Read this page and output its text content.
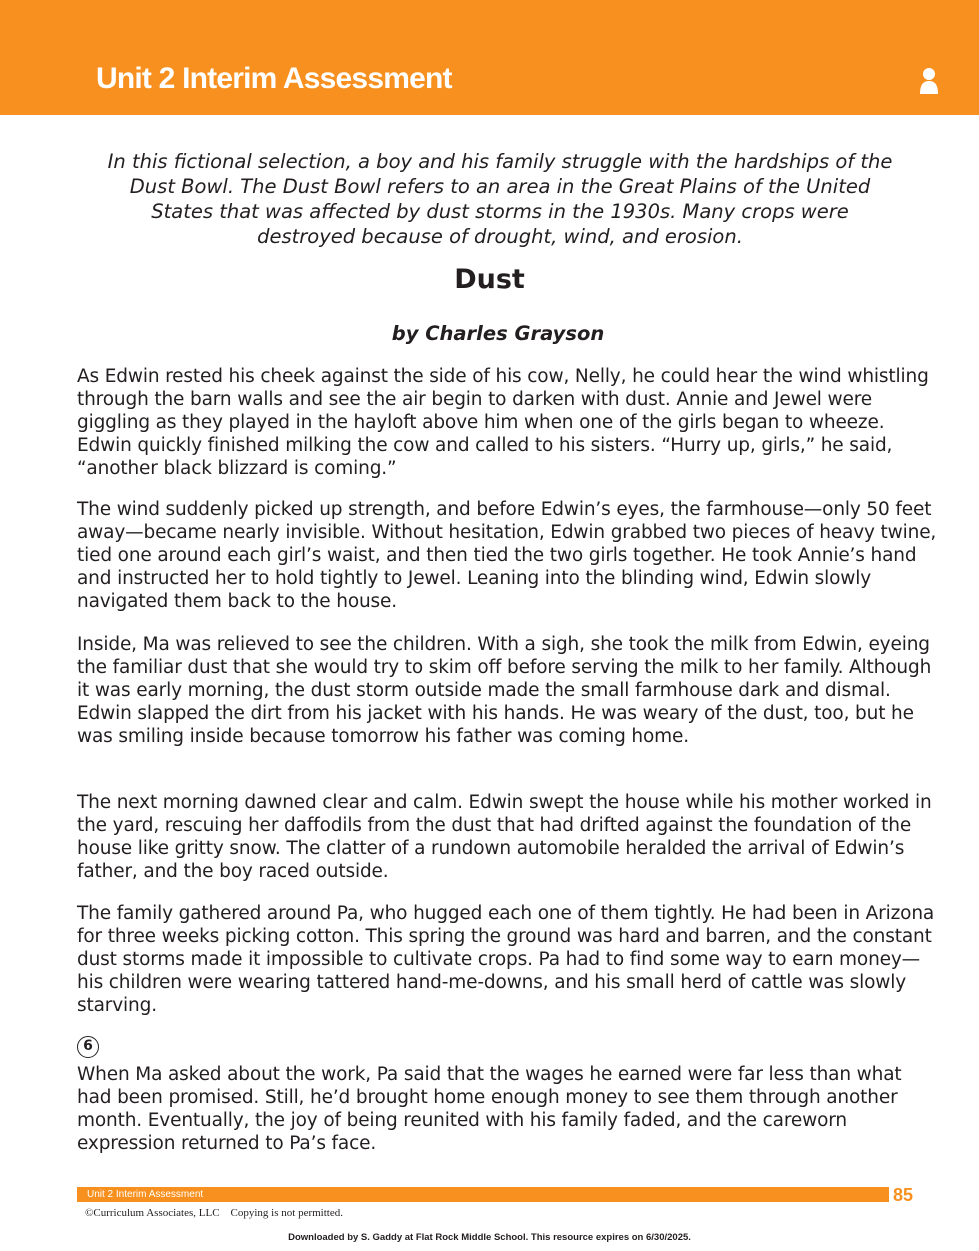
Unit 2 Interim Assessment
In this fictional selection, a boy and his family struggle with the hardships of the Dust Bowl. The Dust Bowl refers to an area in the Great Plains of the United States that was affected by dust storms in the 1930s. Many crops were destroyed because of drought, wind, and erosion.
Dust
by Charles Grayson

As Edwin rested his cheek against the side of his cow, Nelly, he could hear the wind whistling through the barn walls and see the air begin to darken with dust. Annie and Jewel were giggling as they played in the hayloft above him when one of the girls began to wheeze. Edwin quickly finished milking the cow and called to his sisters. “Hurry up, girls,” he said, “another black blizzard is coming.”

The wind suddenly picked up strength, and before Edwin’s eyes, the farmhouse—only 50 feet away—became nearly invisible. Without hesitation, Edwin grabbed two pieces of heavy twine, tied one around each girl’s waist, and then tied the two girls together. He took Annie’s hand and instructed her to hold tightly to Jewel. Leaning into the blinding wind, Edwin slowly navigated them back to the house.

Inside, Ma was relieved to see the children. With a sigh, she took the milk from Edwin, eyeing the familiar dust that she would try to skim off before serving the milk to her family. Although it was early morning, the dust storm outside made the small farmhouse dark and dismal. Edwin slapped the dirt from his jacket with his hands. He was weary of the dust, too, but he was smiling inside because tomorrow his father was coming home.

The next morning dawned clear and calm. Edwin swept the house while his mother worked in the yard, rescuing her daffodils from the dust that had drifted against the foundation of the house like gritty snow. The clatter of a rundown automobile heralded the arrival of Edwin’s father, and the boy raced outside.

The family gathered around Pa, who hugged each one of them tightly. He had been in Arizona for three weeks picking cotton. This spring the ground was hard and barren, and the constant dust storms made it impossible to cultivate crops. Pa had to find some way to earn money—his children were wearing tattered hand-me-downs, and his small herd of cattle was slowly starving.

6

When Ma asked about the work, Pa said that the wages he earned were far less than what had been promised. Still, he’d brought home enough money to see them through another month. Eventually, the joy of being reunited with his family faded, and the careworn expression returned to Pa’s face.

Unit 2 Interim Assessment	85
©Curriculum Associates, LLC    Copying is not permitted.
Downloaded by S. Gaddy at Flat Rock Middle School. This resource expires on 6/30/2025.
